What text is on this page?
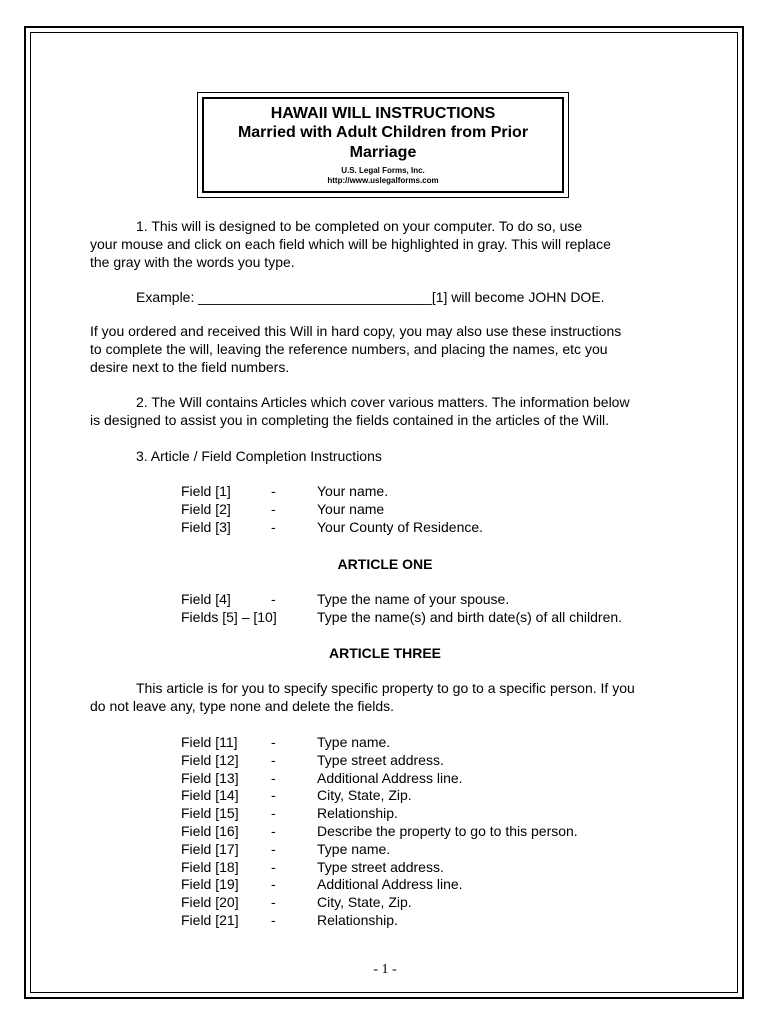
HAWAII WILL INSTRUCTIONS
Married with Adult Children from Prior
Marriage
U.S. Legal Forms, Inc.
http://www.uslegalforms.com
1. This will is designed to be completed on your computer. To do so, use
your mouse and click on each field which will be highlighted in gray. This will replace
the gray with the words you type.
Example: ______________________________[1] will become JOHN DOE.
If you ordered and received this Will in hard copy, you may also use these instructions
to complete the will, leaving the reference numbers, and placing the names, etc you
desire next to the field numbers.
2. The Will contains Articles which cover various matters. The information below
is designed to assist you in completing the fields contained in the articles of the Will.
3. Article / Field Completion Instructions
Field [1]	-	Your name.
Field [2]	-	Your name
Field [3]	-	Your County of Residence.
ARTICLE ONE
Field [4]	-	Type the name of your spouse.
Fields [5] – [10]	Type the name(s) and birth date(s) of all children.
ARTICLE THREE
This article is for you to specify specific property to go to a specific person. If you
do not leave any, type none and delete the fields.
Field [11] -	Type name.
Field [12] -	Type street address.
Field [13] -	Additional Address line.
Field [14] -	City, State, Zip.
Field [15] -	Relationship.
Field [16] -	Describe the property to go to this person.
Field [17] -	Type name.
Field [18] -	Type street address.
Field [19] -	Additional Address line.
Field [20] -	City, State, Zip.
Field [21] -	Relationship.
- 1 -
